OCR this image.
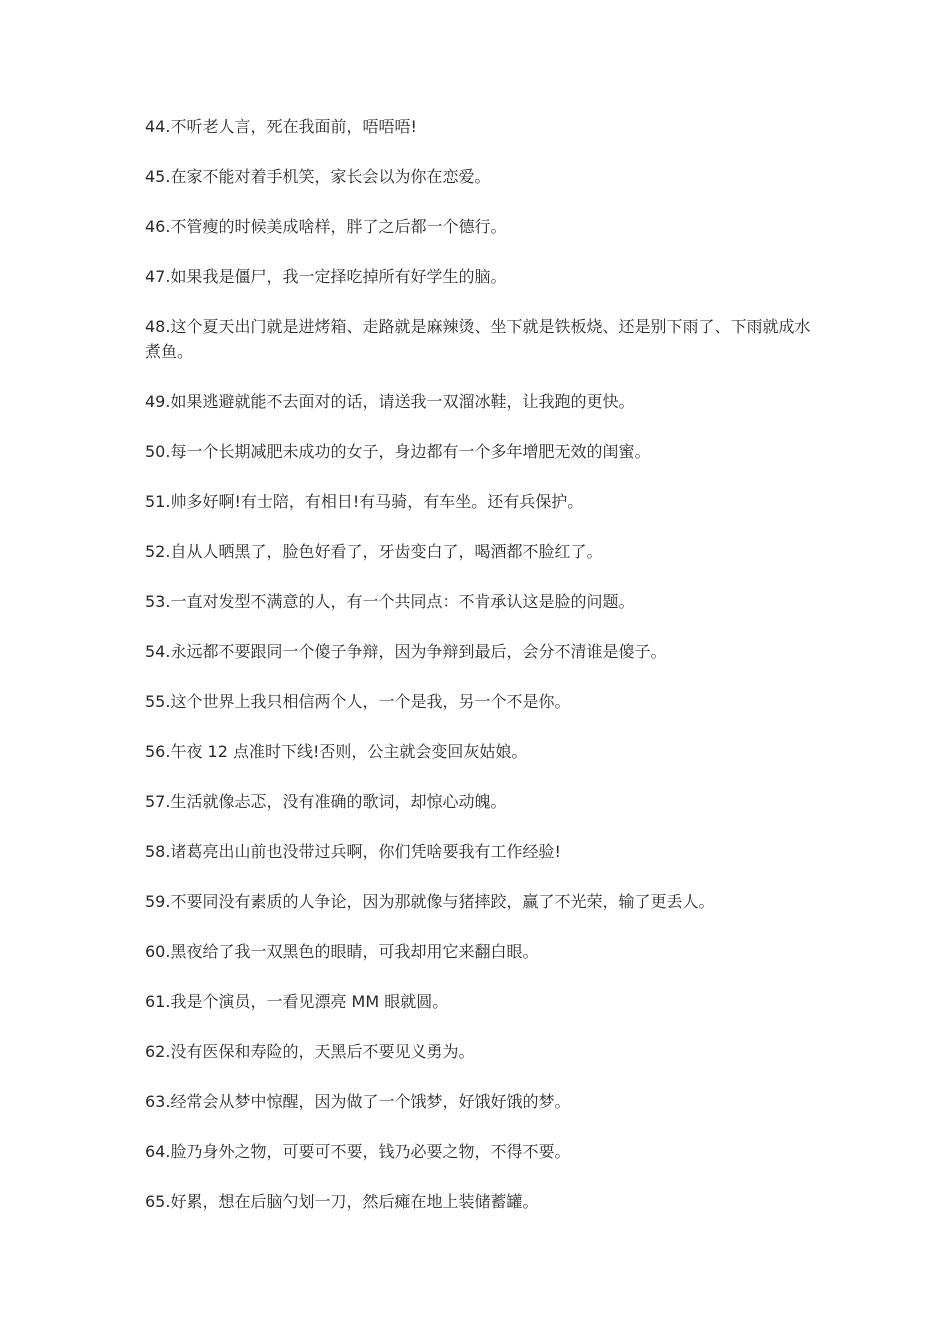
44.不听老人言，死在我面前，唔唔唔!

45.在家不能对着手机笑，家长会以为你在恋爱。

46.不管瘦的时候美成啥样，胖了之后都一个德行。

47.如果我是僵尸，我一定择吃掉所有好学生的脑。

48.这个夏天出门就是进烤箱、走路就是麻辣烫、坐下就是铁板烧、还是别下雨了、下雨就成水煮鱼。

49.如果逃避就能不去面对的话，请送我一双溜冰鞋，让我跑的更快。

50.每一个长期减肥未成功的女子，身边都有一个多年增肥无效的闺蜜。

51.帅多好啊!有士陪，有相日!有马骑，有车坐。还有兵保护。

52.自从人晒黑了，脸色好看了，牙齿变白了，喝酒都不脸红了。

53.一直对发型不满意的人，有一个共同点：不肯承认这是脸的问题。

54.永远都不要跟同一个傻子争辩，因为争辩到最后，会分不清谁是傻子。

55.这个世界上我只相信两个人，一个是我，另一个不是你。

56.午夜 12 点准时下线!否则，公主就会变回灰姑娘。

57.生活就像忐忑，没有准确的歌词，却惊心动魄。

58.诸葛亮出山前也没带过兵啊，你们凭啥要我有工作经验!

59.不要同没有素质的人争论，因为那就像与猪摔跤，赢了不光荣，输了更丢人。

60.黑夜给了我一双黑色的眼睛，可我却用它来翻白眼。

61.我是个演员，一看见漂亮 MM 眼就圆。

62.没有医保和寿险的，天黑后不要见义勇为。

63.经常会从梦中惊醒，因为做了一个饿梦，好饿好饿的梦。

64.脸乃身外之物，可要可不要，钱乃必要之物，不得不要。

65.好累，想在后脑勺划一刀，然后瘫在地上装储蓄罐。
